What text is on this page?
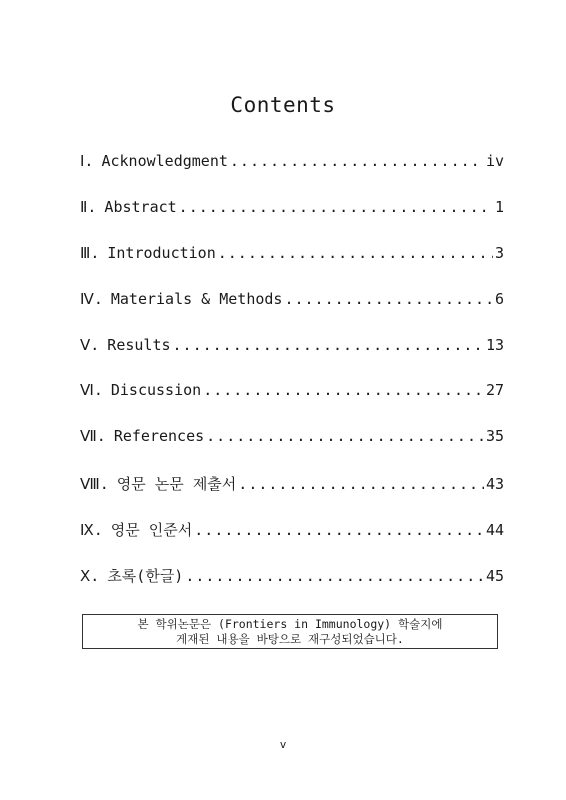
Contents
Ⅰ. Acknowledgment .....	iv
Ⅱ. Abstract .....	1
Ⅲ. Introduction .....	3
Ⅳ. Materials & Methods .....	6
Ⅴ. Results .....	13
Ⅵ. Discussion .....	27
Ⅶ. References .....	35
Ⅷ. 영문 논문 제출서 .....	43
Ⅸ. 영문 인준서 .....	44
Ⅹ. 초록(한글) .....	45
본 학위논문은 (Frontiers in Immunology) 학술지에
게재된 내용을 바탕으로 재구성되었습니다.
v
